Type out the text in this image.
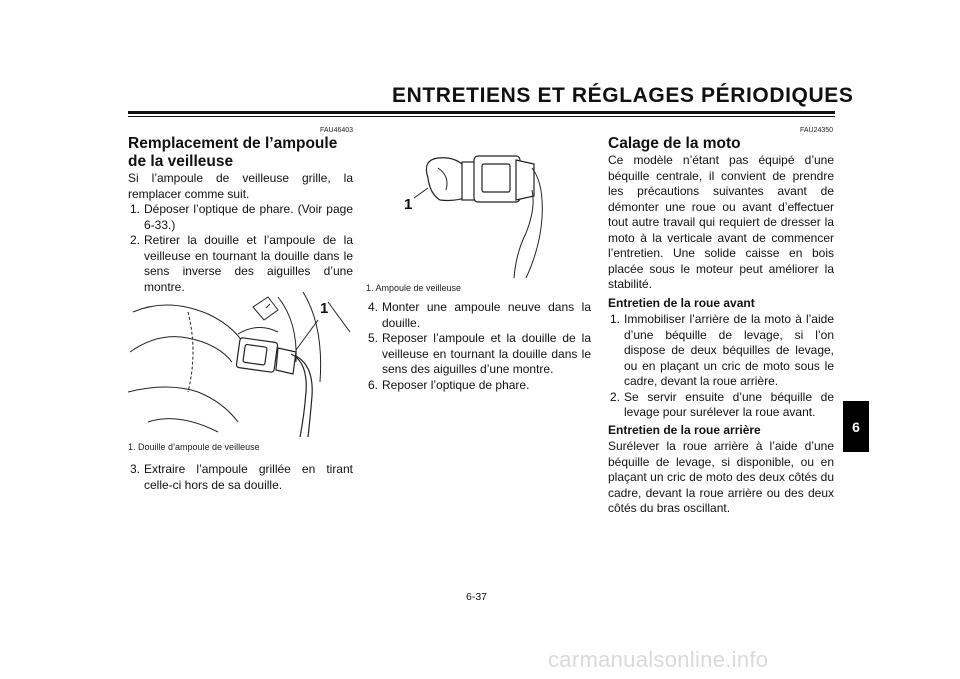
ENTRETIENS ET RÉGLAGES PÉRIODIQUES
FAU46403
Remplacement de l’ampoule de la veilleuse
Si l’ampoule de veilleuse grille, la remplacer comme suit.
1. Déposer l’optique de phare. (Voir page 6-33.)
2. Retirer la douille et l’ampoule de la veilleuse en tournant la douille dans le sens inverse des aiguilles d’une montre.
1
1. Douille d’ampoule de veilleuse
3. Extraire l’ampoule grillée en tirant celle-ci hors de sa douille.
1
1. Ampoule de veilleuse
4. Monter une ampoule neuve dans la douille.
5. Reposer l’ampoule et la douille de la veilleuse en tournant la douille dans le sens des aiguilles d’une montre.
6. Reposer l’optique de phare.
FAU24350
Calage de la moto
Ce modèle n’étant pas équipé d’une béquille centrale, il convient de prendre les précautions suivantes avant de démonter une roue ou avant d’effectuer tout autre travail qui requiert de dresser la moto à la verticale avant de commencer l’entretien. Une solide caisse en bois placée sous le moteur peut améliorer la stabilité.
Entretien de la roue avant
1. Immobiliser l’arrière de la moto à l’aide d’une béquille de levage, si l’on dispose de deux béquilles de levage, ou en plaçant un cric de moto sous le cadre, devant la roue arrière.
2. Se servir ensuite d’une béquille de levage pour surélever la roue avant.
Entretien de la roue arrière
Surélever la roue arrière à l’aide d’une béquille de levage, si disponible, ou en plaçant un cric de moto des deux côtés du cadre, devant la roue arrière ou des deux côtés du bras oscillant.
6
6-37
carmanualsonline.info
